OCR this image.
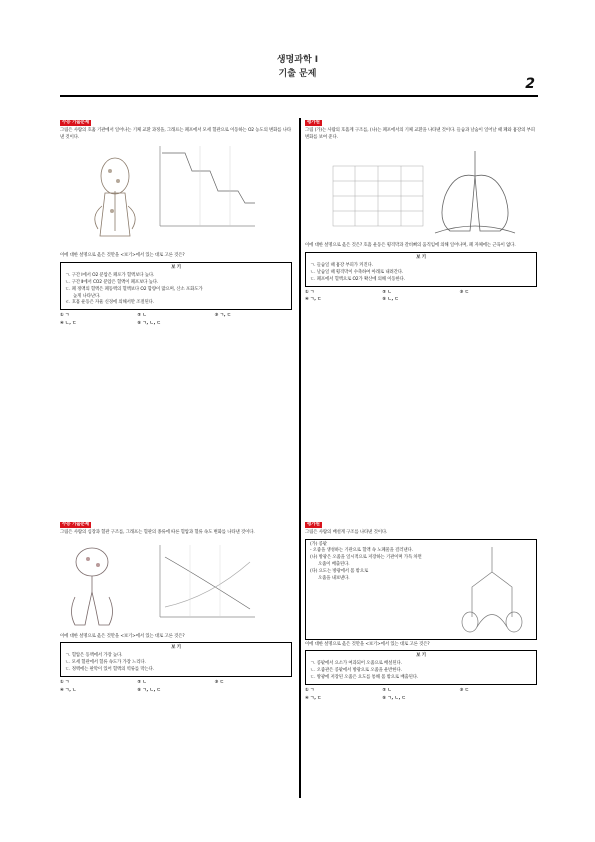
생명과학 I
기출 문제
2
수능 기출문제
그림은 사람의 호흡 기관에서 일어나는 기체 교환 과정을, 그래프는 폐포에서 모세 혈관으로 이동하는 O2 농도의 변화를 나타낸 것이다.
이에 대한 설명으로 옳은 것만을 <보기>에서 있는 대로 고른 것은?
보 기

ㄱ. 구간 Ⅰ에서 O2 분압은 폐포가 혈액보다 높다.

ㄴ. 구간 Ⅱ에서 CO2 분압은 혈액이 폐포보다 높다.

ㄷ. 폐 정맥의 혈액은 폐동맥의 혈액보다 O2 함량이 많으며, 산소 포화도가

높게 나타난다.

ㄹ. 호흡 운동은 자율 신경에 의해서만 조절된다.

① ㄱ	② ㄴ	③ ㄱ, ㄷ
④ ㄴ, ㄷ	⑤ ㄱ, ㄴ, ㄷ
평가원
그림 (가)는 사람의 호흡계 구조를, (나)는 폐포에서의 기체 교환을 나타낸 것이다. 들숨과 날숨이 일어날 때 폐와 흉강의 부피 변화를 보여 준다.
이에 대한 설명으로 옳은 것은? 호흡 운동은 횡격막과 갈비뼈의 움직임에 의해 일어나며, 폐 자체에는 근육이 없다.
보 기

ㄱ. 들숨일 때 흉강 부피가 커진다.

ㄴ. 날숨일 때 횡격막이 수축하여 아래로 내려간다.

ㄷ. 폐포에서 혈액으로 O2가 확산에 의해 이동한다.

① ㄱ	② ㄴ	③ ㄷ
④ ㄱ, ㄷ	⑤ ㄴ, ㄷ
수능 기출문제
그림은 사람의 심장과 혈관 구조를, 그래프는 혈관의 종류에 따른 혈압과 혈류 속도 변화를 나타낸 것이다.
이에 대한 설명으로 옳은 것만을 <보기>에서 있는 대로 고른 것은?
보 기

ㄱ. 혈압은 동맥에서 가장 높다.

ㄴ. 모세 혈관에서 혈류 속도가 가장 느리다.

ㄷ. 정맥에는 판막이 있어 혈액의 역류를 막는다.

① ㄱ	② ㄴ	③ ㄷ
④ ㄱ, ㄴ	⑤ ㄱ, ㄴ, ㄷ
평가원
그림은 사람의 배설계 구조를 나타낸 것이다.

(가) 콩팥

- 오줌을 생성하는 기관으로 혈액 속 노폐물을 걸러낸다.

(나) 방광은 오줌을 일시적으로 저장하는 기관이며 가득 차면

오줌이 배출된다.

(다) 요도는 방광에서 몸 밖으로

오줌을 내보낸다.

이에 대한 설명으로 옳은 것만을 <보기>에서 있는 대로 고른 것은?
보 기

ㄱ. 콩팥에서 요소가 여과되어 오줌으로 배설된다.

ㄴ. 오줌관은 콩팥에서 방광으로 오줌을 운반한다.

ㄷ. 방광에 저장된 오줌은 요도를 통해 몸 밖으로 배출된다.

① ㄱ	② ㄴ	③ ㄷ
④ ㄱ, ㄷ	⑤ ㄱ, ㄴ, ㄷ
